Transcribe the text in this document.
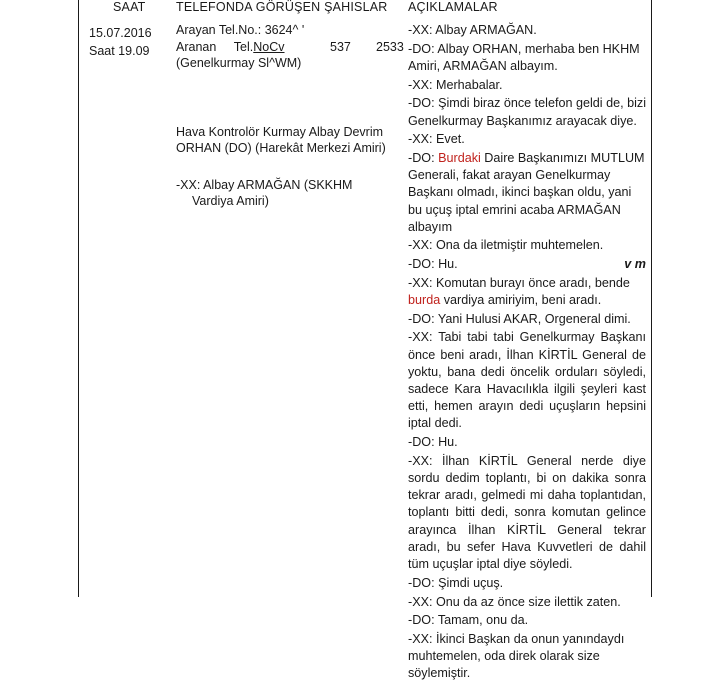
SAAT TELEFONDA GÖRÜŞEN ŞAHISLAR AÇIKLAMALAR
15.07.2016
Saat 19.09
Arayan Tel.No.: 3624^ '
Aranan Tel.NoCv	537 2533
(Genelkurmay Sl^WM)
Hava Kontrolör Kurmay Albay Devrim
ORHAN (DO) (Harekât Merkezi Amiri)
-XX: Albay ARMAĞAN (SKKHM
Vardiya Amiri)

-XX: Albay ARMAĞAN.

-DO: Albay ORHAN, merhaba ben HKHM Amiri, ARMAĞAN albayım.

-XX: Merhabalar.

-DO: Şimdi biraz önce telefon geldi de, bizi Genelkurmay Başkanımız arayacak diye.

-XX: Evet.

-DO: Burdaki Daire Başkanımızı MUTLUM Generali, fakat arayan Genelkurmay Başkanı olmadı, ikinci başkan oldu, yani bu uçuş iptal emrini acaba ARMAĞAN albayım

-XX: Ona da iletmiştir muhtemelen.

v m
-DO: Hu.

-XX: Komutan burayı önce aradı, bende burda vardiya amiriyim, beni aradı.

-DO: Yani Hulusi AKAR, Orgeneral dimi.

-XX: Tabi tabi tabi Genelkurmay Başkanı önce beni aradı, İlhan KİRTİL General de yoktu, bana dedi öncelik orduları söyledi, sadece Kara Havacılıkla ilgili şeyleri kast etti, hemen arayın dedi uçuşların hepsini iptal dedi.

-DO: Hu.

-XX: İlhan KİRTİL General nerde diye sordu dedim toplantı, bi on dakika sonra tekrar aradı, gelmedi mi daha toplantıdan, toplantı bitti dedi, sonra komutan gelince arayınca İlhan KİRTİL General tekrar aradı, bu sefer Hava Kuvvetleri de dahil tüm uçuşlar iptal diye söyledi.

-DO: Şimdi uçuş.

-XX: Onu da az önce size ilettik zaten.

-DO: Tamam, onu da.

-XX: İkinci Başkan da onun yanındaydı muhtemelen, oda direk olarak size söylemiştir.
